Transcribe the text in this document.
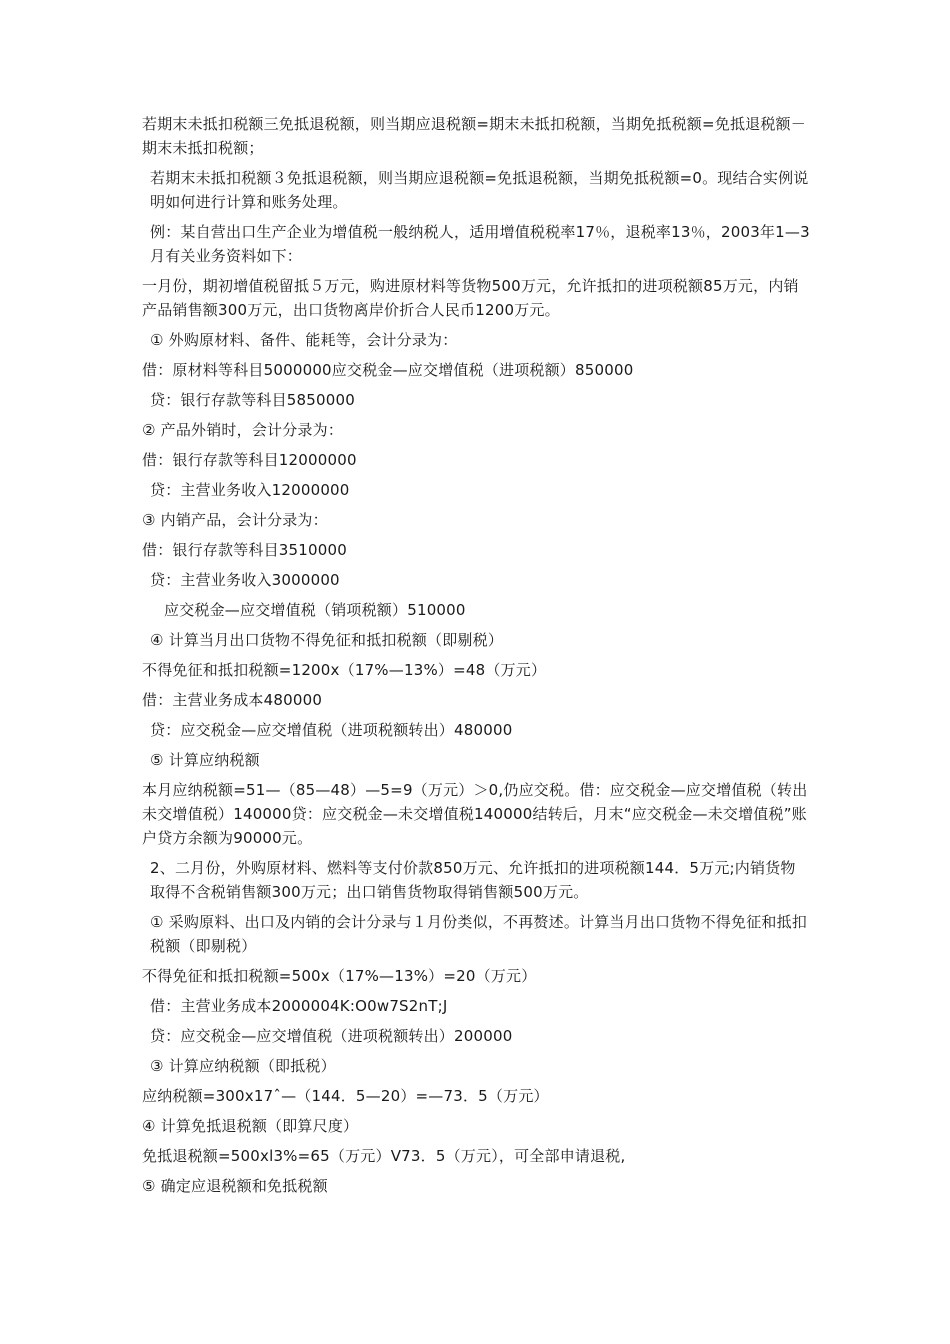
若期末未抵扣税额三免抵退税额，则当期应退税额=期末未抵扣税额，当期免抵税额=免抵退税额－期末未抵扣税额；

若期末未抵扣税额３免抵退税额，则当期应退税额=免抵退税额，当期免抵税额=0。现结合实例说明如何进行计算和账务处理。

例：某自营出口生产企业为增值税一般纳税人，适用增值税税率17％，退税率13％，2003年1—3月有关业务资料如下：

一月份，期初增值税留抵５万元，购进原材料等货物500万元，允许抵扣的进项税额85万元，内销产品销售额300万元，出口货物离岸价折合人民币1200万元。

① 外购原材料、备件、能耗等，会计分录为：

借：原材料等科目5000000应交税金—应交增值税（进项税额）850000

贷：银行存款等科目5850000

② 产品外销时，会计分录为：

借：银行存款等科目12000000

贷：主营业务收入12000000

③ 内销产品，会计分录为：

借：银行存款等科目3510000

贷：主营业务收入3000000

应交税金—应交增值税（销项税额）510000

④ 计算当月出口货物不得免征和抵扣税额（即剔税）

不得免征和抵扣税额=1200x（17%—13%）=48（万元）

借：主营业务成本480000

贷：应交税金—应交增值税（进项税额转出）480000

⑤ 计算应纳税额

本月应纳税额=51—（85—48）—5=9（万元）＞0,仍应交税。借：应交税金—应交增值税（转出未交增值税）140000贷：应交税金—未交增值税140000结转后，月末“应交税金—未交增值税”账户贷方余额为90000元。

2、二月份，外购原材料、燃料等支付价款850万元、允许抵扣的进项税额144．5万元;内销货物取得不含税销售额300万元；出口销售货物取得销售额500万元。

① 采购原料、出口及内销的会计分录与１月份类似，不再赘述。计算当月出口货物不得免征和抵扣税额（即剔税）

不得免征和抵扣税额=500x（17%—13%）=20（万元）

借：主营业务成本2000004K:O0w7S2nT;J

贷：应交税金—应交增值税（进项税额转出）200000

③ 计算应纳税额（即抵税）

应纳税额=300x17ˆ—（144．5—20）=—73．5（万元）

④ 计算免抵退税额（即算尺度）

免抵退税额=500xl3%=65（万元）V73．5（万元），可全部申请退税,

⑤ 确定应退税额和免抵税额
